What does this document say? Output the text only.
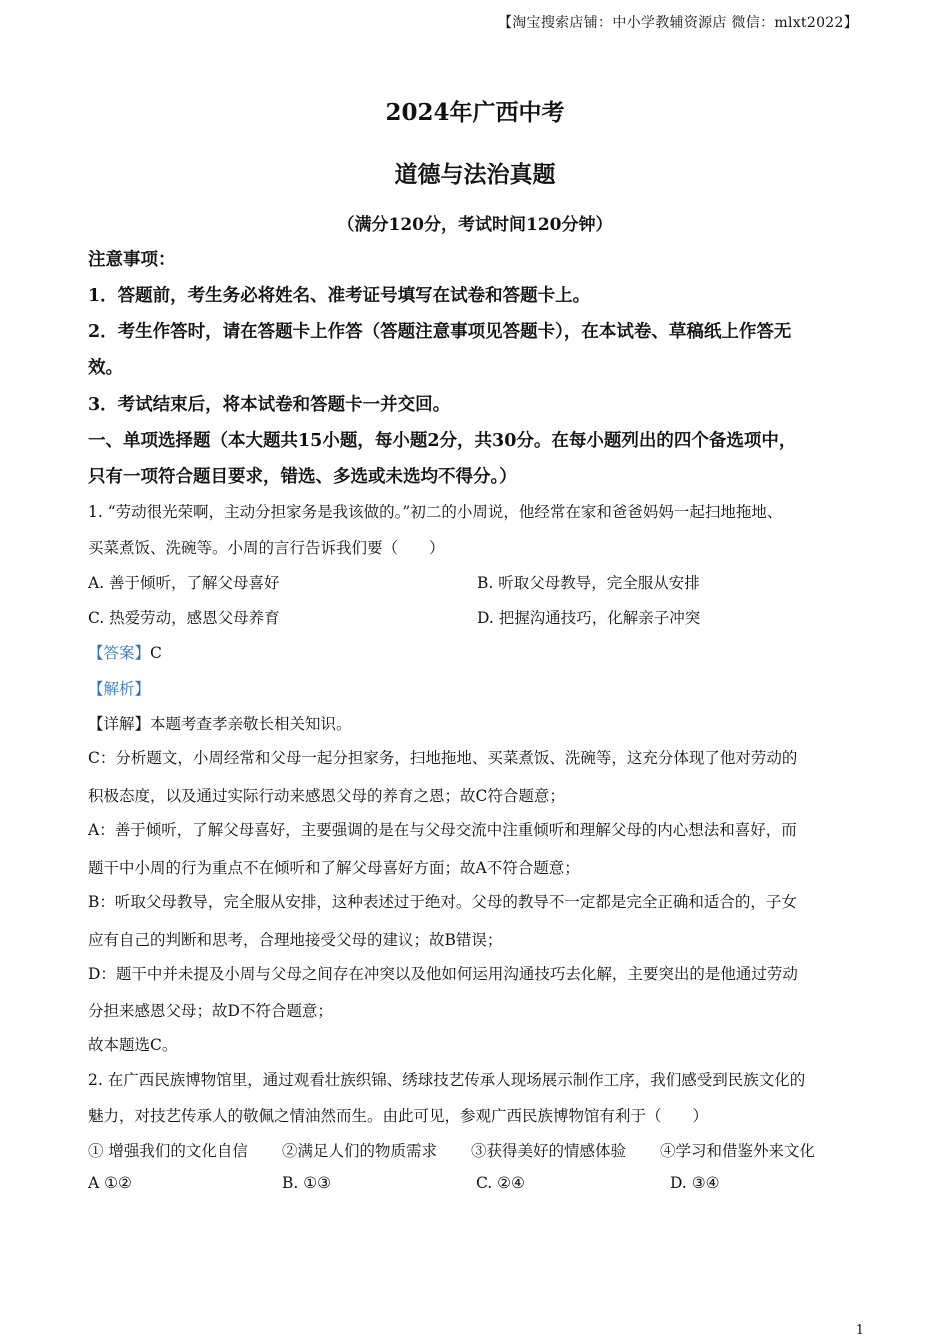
【淘宝搜索店铺：中小学教辅资源店 微信：mlxt2022】
2024年广西中考
道德与法治真题
（满分120分，考试时间120分钟）
注意事项：
1．答题前，考生务必将姓名、准考证号填写在试卷和答题卡上。
2．考生作答时，请在答题卡上作答（答题注意事项见答题卡），在本试卷、草稿纸上作答无
效。
3．考试结束后，将本试卷和答题卡一并交回。
一、单项选择题（本大题共15小题，每小题2分，共30分。在每小题列出的四个备选项中，
只有一项符合题目要求，错选、多选或未选均不得分。）
1. “劳动很光荣啊，主动分担家务是我该做的。”初二的小周说，他经常在家和爸爸妈妈一起扫地拖地、
买菜煮饭、洗碗等。小周的言行告诉我们要（　　）
A. 善于倾听，了解父母喜好	B. 听取父母教导，完全服从安排
C. 热爱劳动，感恩父母养育	D. 把握沟通技巧，化解亲子冲突
【答案】C
【解析】
【详解】本题考查孝亲敬长相关知识。
C：分析题文，小周经常和父母一起分担家务，扫地拖地、买菜煮饭、洗碗等，这充分体现了他对劳动的
积极态度，以及通过实际行动来感恩父母的养育之恩；故C符合题意；
A：善于倾听，了解父母喜好，主要强调的是在与父母交流中注重倾听和理解父母的内心想法和喜好，而
题干中小周的行为重点不在倾听和了解父母喜好方面；故A不符合题意；
B：听取父母教导，完全服从安排，这种表述过于绝对。父母的教导不一定都是完全正确和适合的，子女
应有自己的判断和思考，合理地接受父母的建议；故B错误；
D：题干中并未提及小周与父母之间存在冲突以及他如何运用沟通技巧去化解，主要突出的是他通过劳动
分担来感恩父母；故D不符合题意；
故本题选C。
2. 在广西民族博物馆里，通过观看壮族织锦、绣球技艺传承人现场展示制作工序，我们感受到民族文化的
魅力，对技艺传承人的敬佩之情油然而生。由此可见，参观广西民族博物馆有利于（　　）
① 增强我们的文化自信 ②满足人们的物质需求 ③获得美好的情感体验 ④学习和借鉴外来文化
A ①②	B. ①③	C. ②④	D. ③④
1
